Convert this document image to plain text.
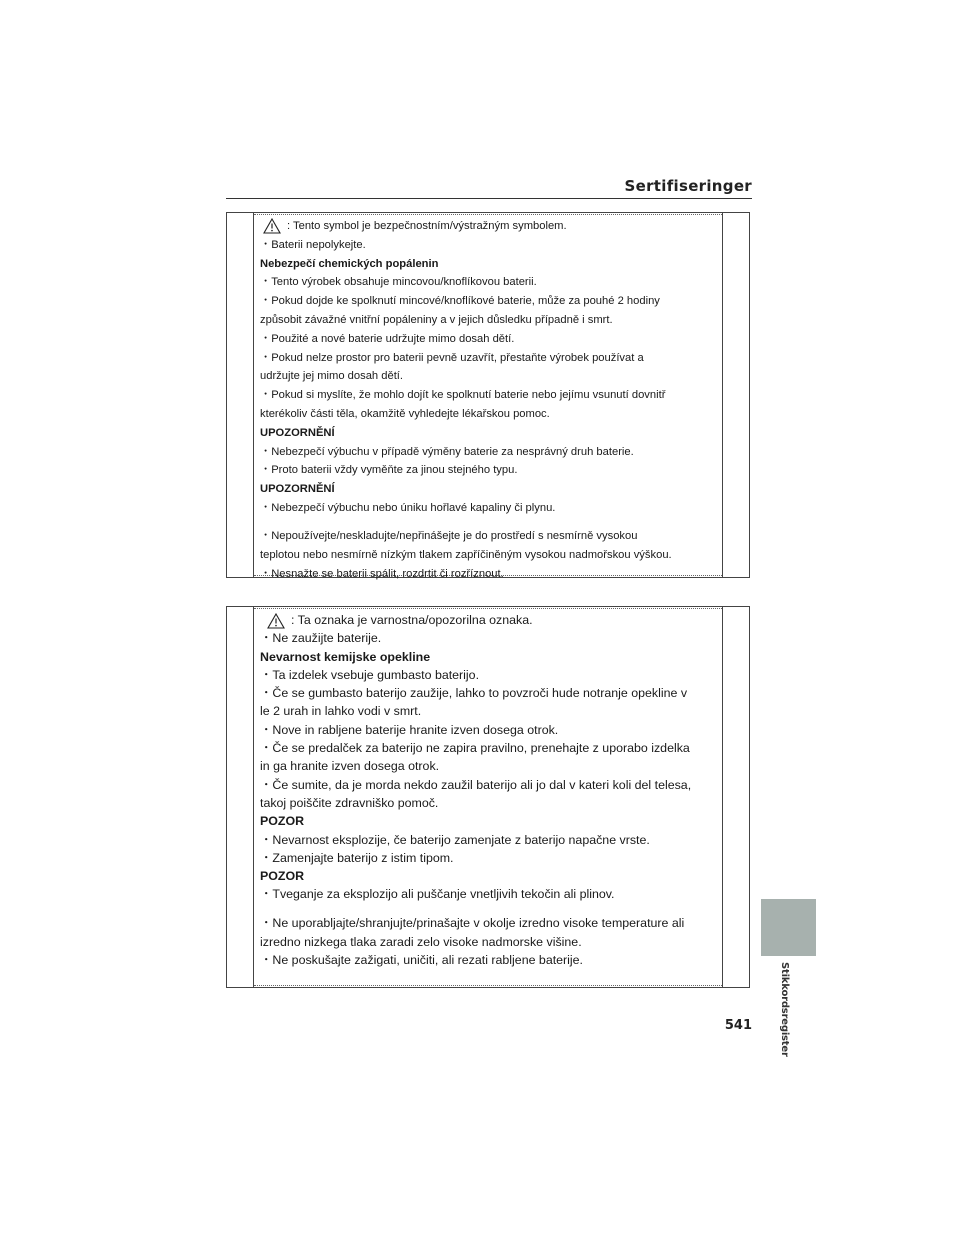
Sertifiseringer
: Tento symbol je bezpečnostním/výstražným symbolem.
・Baterii nepolykejte.
Nebezpečí chemických popálenin
・Tento výrobek obsahuje mincovou/knoflíkovou baterii.
・Pokud dojde ke spolknutí mincové/knoflíkové baterie, může za pouhé 2 hodiny
způsobit závažné vnitřní popáleniny a v jejich důsledku případně i smrt.
・Použité a nové baterie udržujte mimo dosah dětí.
・Pokud nelze prostor pro baterii pevně uzavřít, přestaňte výrobek používat a
udržujte jej mimo dosah dětí.
・Pokud si myslíte, že mohlo dojít ke spolknutí baterie nebo jejímu vsunutí dovnitř
kterékoliv části těla, okamžitě vyhledejte lékařskou pomoc.
UPOZORNĚNÍ
・Nebezpečí výbuchu v případě výměny baterie za nesprávný druh baterie.
・Proto baterii vždy vyměňte za jinou stejného typu.
UPOZORNĚNÍ
・Nebezpečí výbuchu nebo úniku hořlavé kapaliny či plynu.
・Nepoužívejte/neskladujte/nepřinášejte je do prostředí s nesmírně vysokou
teplotou nebo nesmírně nízkým tlakem zapříčiněným vysokou nadmořskou výškou.
・Nesnažte se baterii spálit, rozdrtit či rozříznout.
: Ta oznaka je varnostna/opozorilna oznaka.
・Ne zaužijte baterije.
Nevarnost kemijske opekline
・Ta izdelek vsebuje gumbasto baterijo.
・Če se gumbasto baterijo zaužije, lahko to povzroči hude notranje opekline v
le 2 urah in lahko vodi v smrt.
・Nove in rabljene baterije hranite izven dosega otrok.
・Če se predalček za baterijo ne zapira pravilno, prenehajte z uporabo izdelka
in ga hranite izven dosega otrok.
・Če sumite, da je morda nekdo zaužil baterijo ali jo dal v kateri koli del telesa,
takoj poiščite zdravniško pomoč.
POZOR
・Nevarnost eksplozije, če baterijo zamenjate z baterijo napačne vrste.
・Zamenjajte baterijo z istim tipom.
POZOR
・Tveganje za eksplozijo ali puščanje vnetljivih tekočin ali plinov.
・Ne uporabljajte/shranjujte/prinašajte v okolje izredno visoke temperature ali
izredno nizkega tlaka zaradi zelo visoke nadmorske višine.
・Ne poskušajte zažigati, uničiti, ali rezati rabljene baterije.
541	Stikkordsregister
